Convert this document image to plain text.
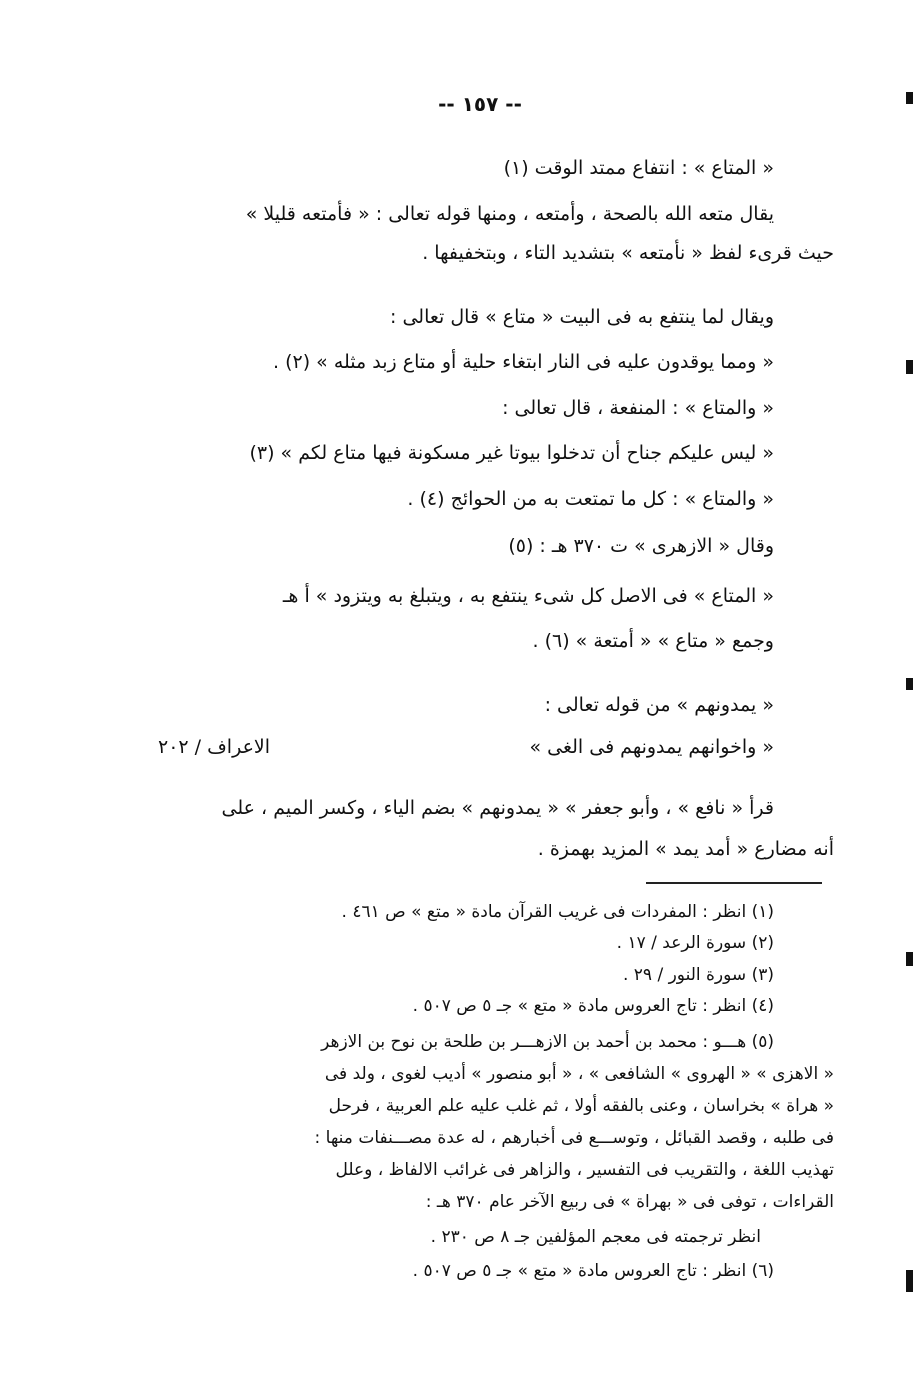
-- ١٥٧ --
« المتاع » : انتفاع ممتد الوقت (١)
يقال متعه الله بالصحة ، وأمتعه ، ومنها قوله تعالى : « فأمتعه قليلا »
حيث قرىء لفظ « نأمتعه » بتشديد التاء ، وبتخفيفها .
ويقال لما ينتفع به فى البيت « متاع » قال تعالى :
« ومما يوقدون عليه فى النار ابتغاء حلية أو متاع زبد مثله » (٢) .
« والمتاع » : المنفعة ، قال تعالى :
« ليس عليكم جناح أن تدخلوا بيوتا غير مسكونة فيها متاع لكم » (٣)
« والمتاع » : كل ما تمتعت به من الحوائج (٤) .
وقال « الازهرى » ت ٣٧٠ هـ : (٥)
« المتاع » فى الاصل كل شىء ينتفع به ، ويتبلغ به ويتزود » أ هـ
وجمع « متاع » « أمتعة » (٦) .
« يمدونهم » من قوله تعالى :
« واخوانهم يمدونهم فى الغى »
الاعراف / ٢٠٢
قرأ « نافع » ، وأبو جعفر » « يمدونهم » بضم الياء ، وكسر الميم ، على
أنه مضارع « أمد يمد » المزيد بهمزة .
(١) انظر : المفردات فى غريب القرآن مادة « متع » ص ٤٦١ .
(٢) سورة الرعد / ١٧ .
(٣) سورة النور / ٢٩ .
(٤) انظر : تاج العروس مادة « متع » جـ ٥ ص ٥٠٧ .
(٥) هـــو : محمد بن أحمد بن الازهـــر بن طلحة بن نوح بن الازهر
« الاهزى » « الهروى » الشافعى » ، « أبو منصور » أديب لغوى ، ولد فى
« هراة » بخراسان ، وعنى بالفقه أولا ، ثم غلب عليه علم العربية ، فرحل
فى طلبه ، وقصد القبائل ، وتوســـع فى أخبارهم ، له عدة مصـــنفات منها :
تهذيب اللغة ، والتقريب فى التفسير ، والزاهر فى غرائب الالفاظ ، وعلل
القراءات ، توفى فى « بهراة » فى ربيع الآخر عام ٣٧٠ هـ :
انظر ترجمته فى معجم المؤلفين جـ ٨ ص ٢٣٠ .
(٦) انظر : تاج العروس مادة « متع » جـ ٥ ص ٥٠٧ .
